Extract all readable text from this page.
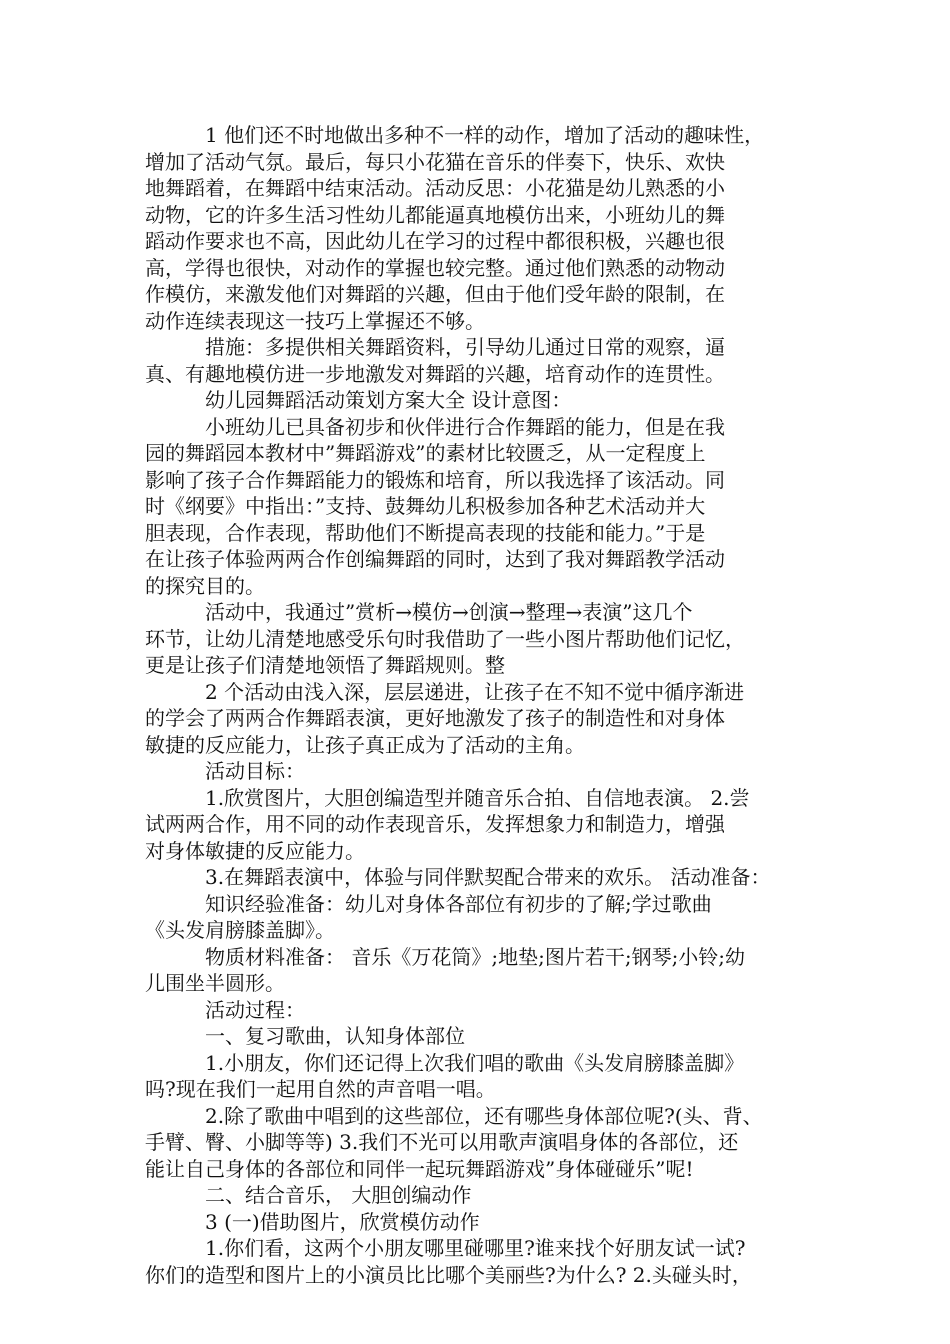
1 他们还不时地做出多种不一样的动作，增加了活动的趣味性，
增加了活动气氛。最后，每只小花猫在音乐的伴奏下，快乐、欢快
地舞蹈着，在舞蹈中结束活动。活动反思：小花猫是幼儿熟悉的小
动物，它的许多生活习性幼儿都能逼真地模仿出来，小班幼儿的舞
蹈动作要求也不高，因此幼儿在学习的过程中都很积极，兴趣也很
高，学得也很快，对动作的掌握也较完整。通过他们熟悉的动物动
作模仿，来激发他们对舞蹈的兴趣，但由于他们受年龄的限制，在
动作连续表现这一技巧上掌握还不够。
措施：多提供相关舞蹈资料，引导幼儿通过日常的观察，逼
真、有趣地模仿进一步地激发对舞蹈的兴趣，培育动作的连贯性。
幼儿园舞蹈活动策划方案大全 设计意图：
小班幼儿已具备初步和伙伴进行合作舞蹈的能力，但是在我
园的舞蹈园本教材中”舞蹈游戏”的素材比较匮乏，从一定程度上
影响了孩子合作舞蹈能力的锻炼和培育，所以我选择了该活动。同
时《纲要》中指出：”支持、鼓舞幼儿积极参加各种艺术活动并大
胆表现，合作表现，帮助他们不断提高表现的技能和能力。”于是
在让孩子体验两两合作创编舞蹈的同时，达到了我对舞蹈教学活动
的探究目的。
活动中，我通过”赏析→模仿→创演→整理→表演”这几个
环节，让幼儿清楚地感受乐句时我借助了一些小图片帮助他们记忆，
更是让孩子们清楚地领悟了舞蹈规则。整
2 个活动由浅入深，层层递进，让孩子在不知不觉中循序渐进
的学会了两两合作舞蹈表演，更好地激发了孩子的制造性和对身体
敏捷的反应能力，让孩子真正成为了活动的主角。
活动目标：
1.欣赏图片，大胆创编造型并随音乐合拍、自信地表演。 2.尝
试两两合作，用不同的动作表现音乐，发挥想象力和制造力，增强
对身体敏捷的反应能力。
3.在舞蹈表演中，体验与同伴默契配合带来的欢乐。 活动准备：
知识经验准备：幼儿对身体各部位有初步的了解;学过歌曲
《头发肩膀膝盖脚》。
物质材料准备： 音乐《万花筒》;地垫;图片若干;钢琴;小铃;幼
儿围坐半圆形。
活动过程：
一、复习歌曲，认知身体部位
1.小朋友，你们还记得上次我们唱的歌曲《头发肩膀膝盖脚》
吗?现在我们一起用自然的声音唱一唱。
2.除了歌曲中唱到的这些部位，还有哪些身体部位呢?(头、背、
手臂、臀、小脚等等) 3.我们不光可以用歌声演唱身体的各部位，还
能让自己身体的各部位和同伴一起玩舞蹈游戏”身体碰碰乐”呢!
二、结合音乐， 大胆创编动作
3 (一)借助图片，欣赏模仿动作
1.你们看，这两个小朋友哪里碰哪里?谁来找个好朋友试一试?
你们的造型和图片上的小演员比比哪个美丽些?为什么? 2.头碰头时，
